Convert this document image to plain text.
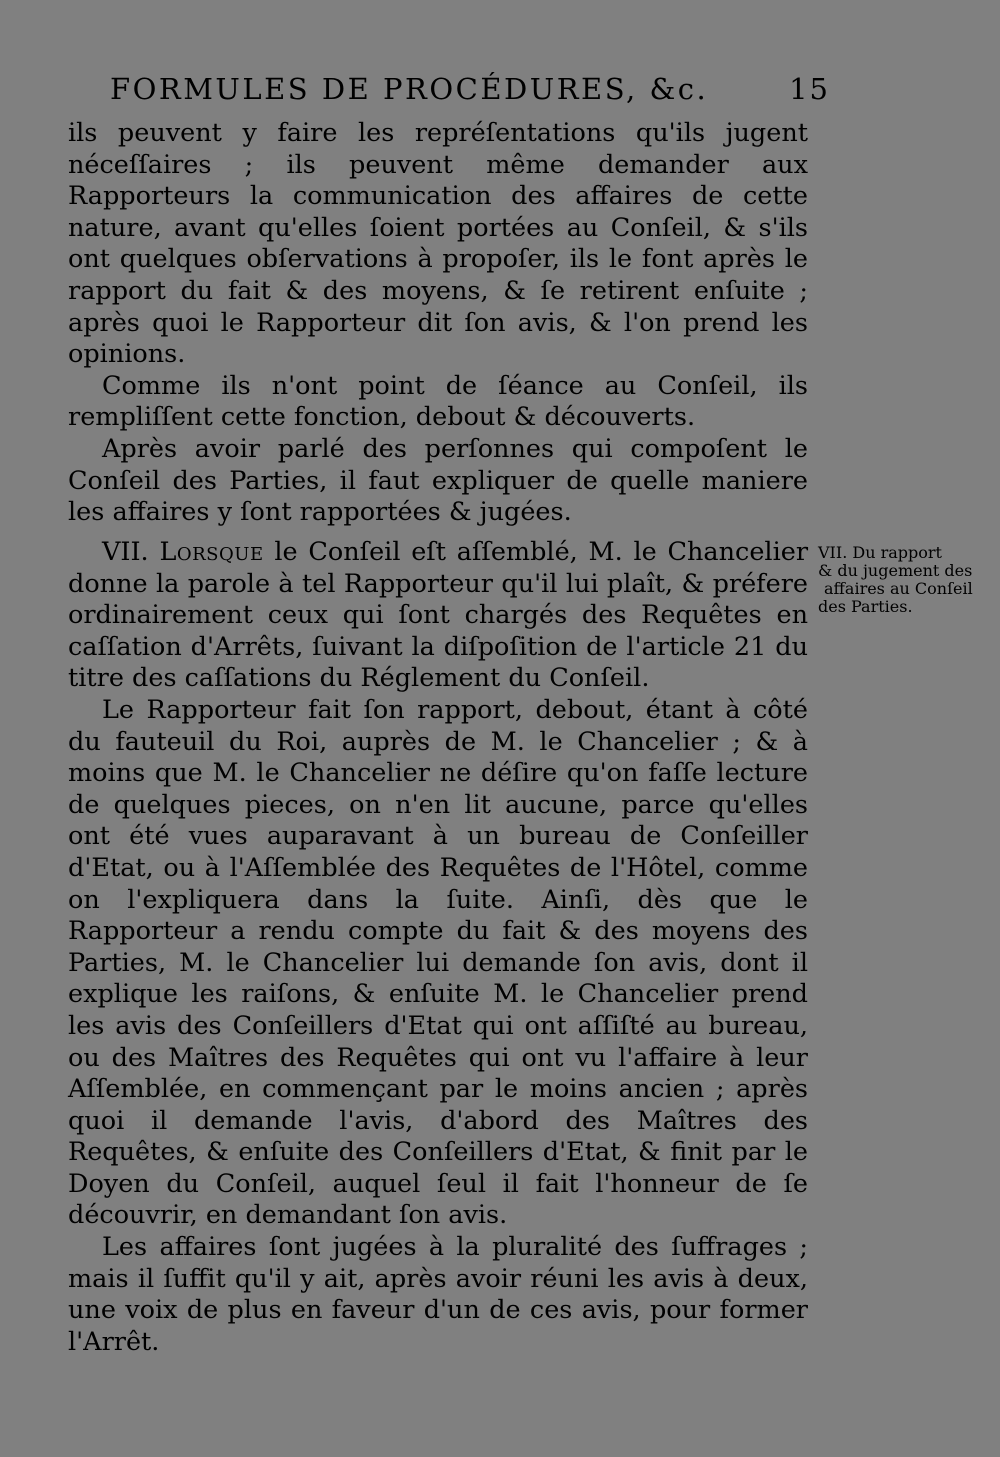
FORMULES DE PROCÉDURES, &c.	15

ils peuvent y faire les repréſentations qu'ils jugent néceſſaires ; ils peuvent même demander aux Rapporteurs la communication des affaires de cette nature, avant qu'elles ſoient portées au Conſeil, & s'ils ont quelques obſervations à propoſer, ils le font après le rapport du fait & des moyens, & ſe retirent enſuite ; après quoi le Rapporteur dit ſon avis, & l'on prend les opinions.

Comme ils n'ont point de ſéance au Conſeil, ils rempliſſent cette fonction, debout & découverts.

Après avoir parlé des perſonnes qui compoſent le Conſeil des Parties, il faut expliquer de quelle maniere les affaires y ſont rapportées & jugées.

VII. Lorsque le Conſeil eſt aſſemblé, M. le Chancelier donne la parole à tel Rapporteur qu'il lui plaît, & préfere ordinairement ceux qui ſont chargés des Requêtes en caſſation d'Arrêts, ſuivant la diſpoſition de l'article 21 du titre des caſſations du Réglement du Conſeil.

Le Rapporteur fait ſon rapport, debout, étant à côté du fauteuil du Roi, auprès de M. le Chancelier ; & à moins que M. le Chancelier ne déſire qu'on faſſe lecture de quelques pieces, on n'en lit aucune, parce qu'elles ont été vues auparavant à un bureau de Conſeiller d'Etat, ou à l'Aſſemblée des Requêtes de l'Hôtel, comme on l'expliquera dans la ſuite. Ainſi, dès que le Rapporteur a rendu compte du fait & des moyens des Parties, M. le Chancelier lui demande ſon avis, dont il explique les raiſons, & enſuite M. le Chancelier prend les avis des Conſeillers d'Etat qui ont aſſiſté au bureau, ou des Maîtres des Requêtes qui ont vu l'affaire à leur Aſſemblée, en commençant par le moins ancien ; après quoi il demande l'avis, d'abord des Maîtres des Requêtes, & enſuite des Conſeillers d'Etat, & finit par le Doyen du Conſeil, auquel ſeul il fait l'honneur de ſe découvrir, en demandant ſon avis.

Les affaires ſont jugées à la pluralité des ſuffrages ; mais il ſuffit qu'il y ait, après avoir réuni les avis à deux, une voix de plus en faveur d'un de ces avis, pour former l'Arrêt.

VII. Du rapport
& du jugement des
affaires au Conſeil
des Parties.
